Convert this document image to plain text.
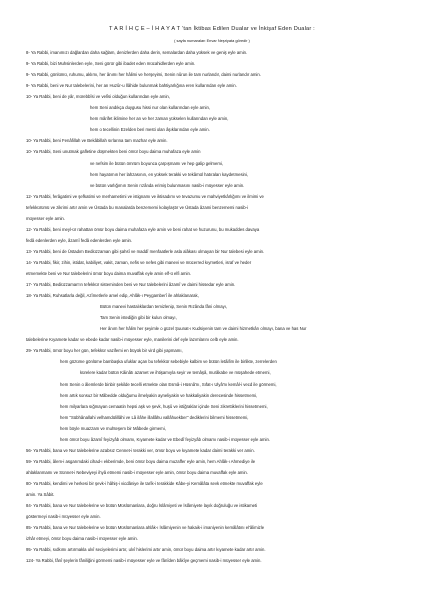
T A R İ H Ç E – İ H A Y A T ‘tan İktibas Edilen Dualar ve İnkişaf Eden Dualar :
( sayfa numaraları Envar Neşriyata göredir )
8- Ya Rabbi, imanımızı dağlardan daha sağlam, denizlerden daha derin, semalardan daha yüksek ve geniş eyle amin.
9- Ya Rabbi, bizi Muhsinlerden eyle, Seni görür gibi ibadet eden mücahidlerden eyle amin.
9- Ya Rabbi, gönlümü, ruhumu, aklımı, her ânımı her hâlimi ve herşeyimi, Senin nûrun ile tam nurlandır, daimi nurlandır amin.
9- Ya Rabbi, beni ve Nur talebelerini, her an Huzûr-u İlâhide bulunmak bahtiyarlığına eren kullarından eyle amin.
10- Ya Rabbi, beni de yâr, mürebbîsi ve velîsi olduğun kullarından eyle amin,
hem Seni andıkça duygusu hissi nur olan kullarından eyle amin,
hem mârifet iklimine her an ve her zaman yükselen kullarından eyle amin,
hem o tecellinin Ezelden beri mesti olan âşıklarından eyle amin.
10- Ya Rabbi, beni Fenâfillah ve Bekâbillah sırlarına tam mazhar eyle amin.
10- Ya Rabbi, Seni unutmak gafletine düşmekten beni ömür boyu daima muhafaza eyle amin
ve nefsim ile bütün ömrüm boyunca çarpışmamı ve hep galip gelmemi,
hem hayatımın her lahzasının, en yüksek terakki ve tekâmül hatıraları kaydetmesini,
ve bütün varlığımın Senin rızânda erimiş bulunmasını nasib-i müyesser eyle amin.
12- Ya Rabbi, ferâgatimi ve şefkatimi ve merhametimi ve istignamı ve iktisadımı ve tevazumu ve mahviyetkârlığımı ve ilmimi ve
tefekkürümü ve zikrimi artır amin ve Üstada bu manalarda benzememi kolaylaştır ve Üstada âzami benzememi nasib-i
müyesser eyle amin.
12- Ya Rabbi, beni meyl-ür rahattan ömür boyu daima muhafaza eyle amin ve beni rahat ve huzurunu, bu mukaddes davaya
fedâ edenlerden eyle, âzamî fedâ edenlerden eyle amin.
13- Ya Rabbi, beni de Üstadım Bediüzzaman gibi şahsî ve maddî menfaatlerle asla alâkası olmayan bir Nur talebesi eyle amin.
14- Ya Rabbi, fikir, zihin, istidat, kabiliyet, vakit, zaman, nefis ve nefes gibi manevi ve mücerred kıymetleri, israf ve heder
etmemekte beni ve Nur talebelerini ömür boyu daima muvaffak eyle amin elf-ü elfi amin.
17- Ya Rabbi, Bediüzzaman'ın tefekkür sisteminden beni ve Nur talebelerini âzamî ve daimi hissedar eyle amin.
18- Ya Rabbi, Ruhsatlarla değil, Azîmetlerle amel edip, Ahlâk-ı Peygamberî ile ahlaklanarak,
Bütün manevi hastalıklardan temizlenip, Senin Rızânda fâni olmayı,
Tam Senin istediğin gibi bir kulun olmayı,
Her ânım her hâlim her şeyimle o güzel Şuunat-ı Kudsiyenin tam ve daimi hizmetkârı olmayı, bana ve has Nur
talebelerine Kıyamete kadar ve ebede kadar nasib-i müyesser eyle, manilerini def eyle lazımlarını celb eyle amin.
29- Ya Rabbi, ömür boyu her gün, tefekkür vazifemi en büyük bir vird gibi yapmamı,
hem gözüme gönlüme bambaşka ufuklar açan bu tefekkür sebebiyle kalbim ve bütün letâifim ile birlikte, zerrelerden
kürelere kadar bütün Kâinâtı azamet ve ihtişamıyla seyir ve temâşâ, murâkabe ve müşahede etmemi,
hem Senin o âlemlerde binbir şekilde tecelli etmekte olan Esmâ-i Hüsnâ'nı, Sıfat-ı Ulyâ'nı kemâl-i vecd ile görmemi,
hem artık sonsuz bir Mâbedde olduğumu ilmelyakin ayneliyakin ve hakkaliyakin derecesinde hissetmemi,
hem milyarlara sığmayan cemaatin hepsi aşk ve şevk, huşû ve istiğraklar içinde Seni zikrettiklerini hissetmemi,
hem "Sübhânallahi velhamdülillâhi ve Lâ ilâhe illallâhu vallâhuekber" dediklerini bilmemi hissetmemi,
hem böyle muazzam ve muhteşem bir Mâbede girmemi,
hem ömür boyu âzamî feyizyâb olmamı, Kıyamete kadar ve Ebedî feyizyâb olmamı nasib-i müyesser eyle amin.
56- Ya Rabbi, bana ve Nur talebelerine azabsız Cennet-i terakki ver, ömür boyu ve kıyamete kadar daimi terakki ver amin.
59- Ya Rabbi, âlem-i asgarımdaki cihad-ı ekberimde, beni ömür boyu daima muzaffer eyle amin, hem Ahlâk-ı Ahmediye ile
ahlaklanmamı ve Sünnet-i Nebeviyeyi ihyâ etmemi nasib-i müyesser eyle amin, ömür boyu daima muvaffak eyle amin.
80- Ya Rabbi, kendimi ve herkesi bir şevk-i hâhiş-i vicdâniye ile tarîk-i terakkide Kâbe-yi Kemâlâta sevk etmekte muvaffak eyle
amin. Ya Sâbit.
84- Ya Rabbi, bana ve Nur talebelerine ve bütün Müslümanlara, doğru İslâmiyeti ve İslâmiyete layık doğruluğu ve istikameti
göstermeyi nasib-i müyesser eyle amin.
85- Ya Rabbi, bana ve Nur talebelerine ve bütün Müslümanlara ahlâk-ı İslâmiyenin ve hakaik-i imaniyenin kemâlâtını el'âlimizle
izhâr etmeyi, ömür boyu daima nasib-i müyesser eyle amin.
95- Ya Rabbi, sıdkımı artırmakla ulvî seciyelerimi artır, ulvî hislerimi artır amin, ömür boyu daima artır kıyamete kadar artır amin.
124- Ya Rabbi, fânî şeylerin fâniliğini görmemi nasib-i müyesser eyle ve fânîden bâkîye geçmemi nasib-i müyesser eyle amin.
